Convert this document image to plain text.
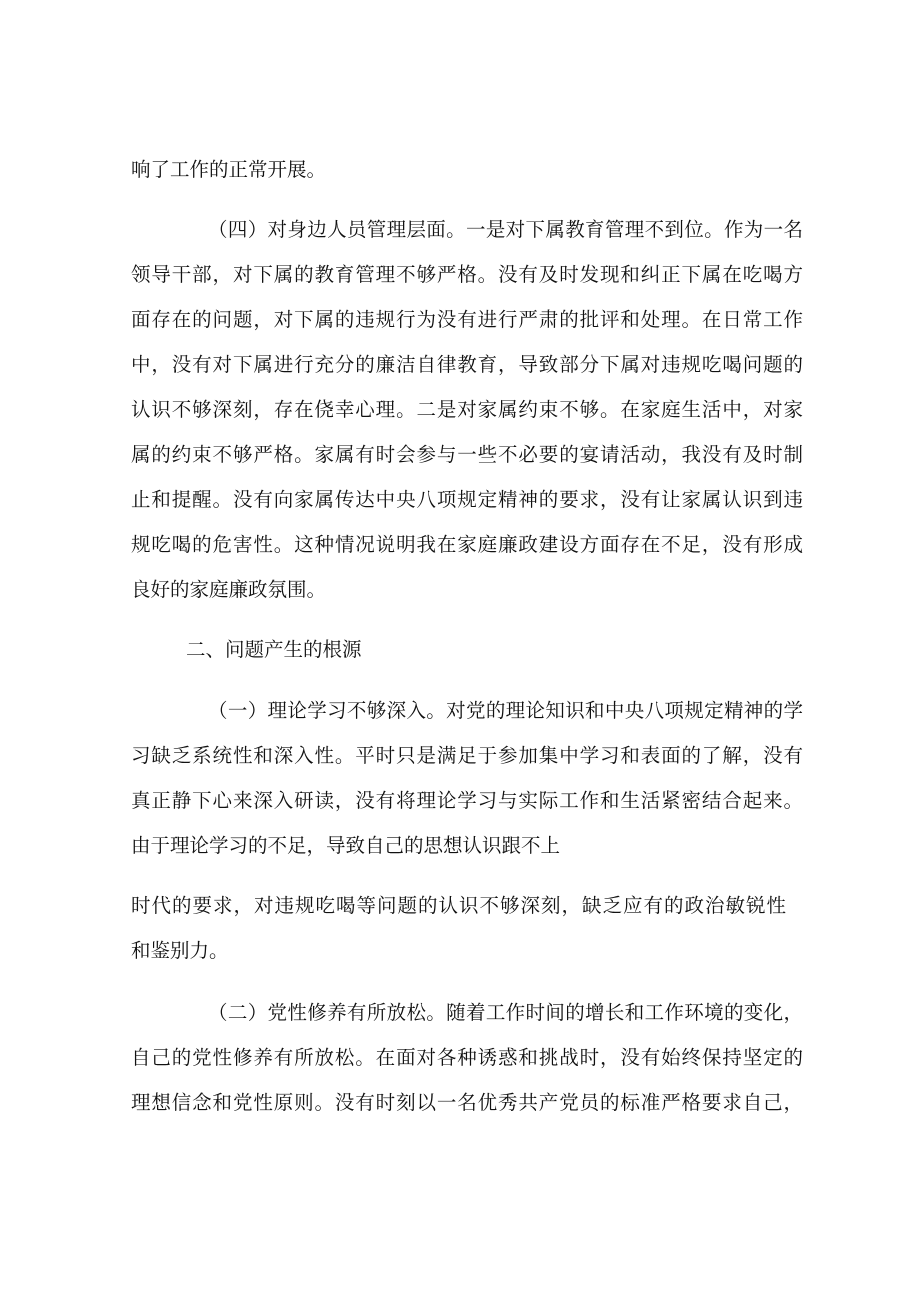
响了工作的正常开展。
（四）对身边人员管理层面。一是对下属教育管理不到位。作为一名
领导干部，对下属的教育管理不够严格。没有及时发现和纠正下属在吃喝方
面存在的问题，对下属的违规行为没有进行严肃的批评和处理。在日常工作
中，没有对下属进行充分的廉洁自律教育，导致部分下属对违规吃喝问题的
认识不够深刻，存在侥幸心理。二是对家属约束不够。在家庭生活中，对家
属的约束不够严格。家属有时会参与一些不必要的宴请活动，我没有及时制
止和提醒。没有向家属传达中央八项规定精神的要求，没有让家属认识到违
规吃喝的危害性。这种情况说明我在家庭廉政建设方面存在不足，没有形成
良好的家庭廉政氛围。
二、问题产生的根源
（一）理论学习不够深入。对党的理论知识和中央八项规定精神的学
习缺乏系统性和深入性。平时只是满足于参加集中学习和表面的了解，没有
真正静下心来深入研读，没有将理论学习与实际工作和生活紧密结合起来。
由于理论学习的不足，导致自己的思想认识跟不上
时代的要求，对违规吃喝等问题的认识不够深刻，缺乏应有的政治敏锐性
和鉴别力。
（二）党性修养有所放松。随着工作时间的增长和工作环境的变化，
自己的党性修养有所放松。在面对各种诱惑和挑战时，没有始终保持坚定的
理想信念和党性原则。没有时刻以一名优秀共产党员的标准严格要求自己，
